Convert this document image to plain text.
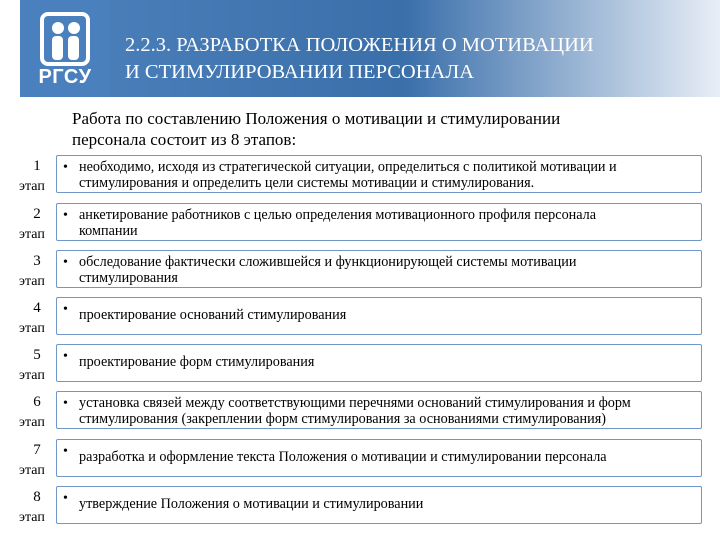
РГСУ
2.2.3. РАЗРАБОТКА ПОЛОЖЕНИЯ О МОТИВАЦИИ
И СТИМУЛИРОВАНИИ ПЕРСОНАЛА
Работа по составлению Положения о мотивации и стимулировании
персонала состоит из 8 этапов:
1
этап
• необходимо, исходя из стратегической ситуации, определиться с политикой мотивации и
стимулирования и определить цели системы мотивации и стимулирования.
2
этап
• анкетирование работников с целью определения мотивационного профиля персонала
компании
3
этап
• обследование фактически сложившейся и функционирующей системы мотивации
стимулирования
4
этап
• проектирование оснований стимулирования
5
этап
• проектирование форм стимулирования
6
этап
• установка связей между соответствующими перечнями оснований стимулирования и форм
стимулирования (закреплении форм стимулирования за основаниями стимулирования)
7
этап
• разработка и оформление текста Положения о мотивации и стимулировании персонала
8
этап
• утверждение Положения о мотивации и стимулировании
